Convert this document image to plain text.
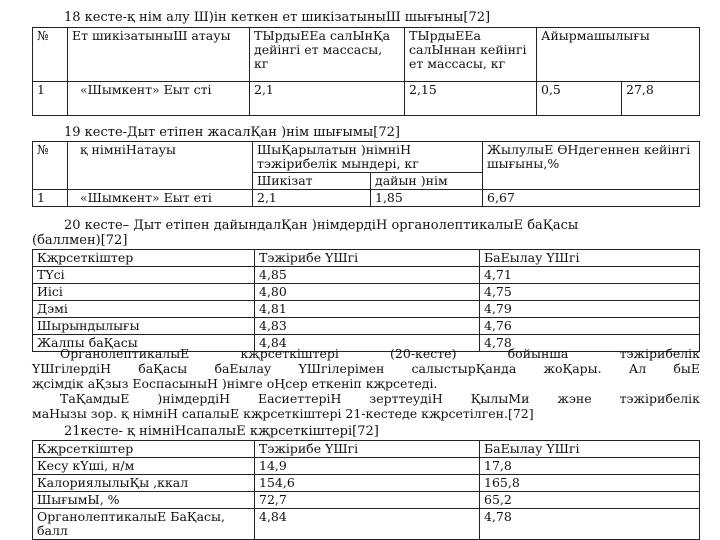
18 кесте-қ нім алу Ш)ін кеткен ет шикізатыныШ шығыны[72]
№	Ет шикізатыныШ атауы	ТЫрдыЕЕа салЫнҚа дейінгі ет массасы, кг	ТЫрдыЕЕа салЫннан кейінгі ет массасы, кг	Айырмашылығы	
1	«Шымкент» Еыт сті	2,1	2,15	0,5	27,8
19 кесте-Дыт етіпен жасалҚан )нім шығымы[72]
№	қ німніНатауы	ШыҚарылатын )німніН тэжірибелік мындері, кг		ЖылулыЕ ӨНдегеннен кейінгі шығыны,%
		Шикізат	дайын )нім	
1	«Шымкент» Еыт еті	2,1	1,85	6,67
20 кесте– Дыт етіпен дайындалҚан )німдердіН органолептикалыЕ баҚасы
(баллмен)[72]
Кҗрсеткіштер	Тэжірибе ҮШгі	БаЕылау ҮШгі
ТҮсі	4,85	4,71
Иісі	4,80	4,75
Дэмі	4,81	4,79
Шырындылығы	4,83	4,76
Жалпы баҚасы	4,84	4,78

ОрганолептикалыЕ кҗрсеткіштері (20-кесте) бойынша тэжірибелік

ҮШгілердіН баҚасы баЕылау ҮШгілерімен салыстырҚанда жоҚары. Ал быЕ

җсімдік аҚзыз ЕоспасыныН )німге оҢсер еткеніп кҗрсетеді.

ТаҚамдыЕ )німдердіН ЕасиеттеріН зерттеудіН ҚылыМи жэне тэжірибелік

маНызы зор. қ німніН сапалыЕ кҗрсеткіштері 21-кестеде кҗрсетілген.[72]

21кесте- қ німніНсапалыЕ кҗрсеткіштері[72]
Кҗрсеткіштер	Тэжірибе ҮШгі	БаЕылау ҮШгі
Кесу кҮші, н/м	14,9	17,8
КалориялылыҚы ,ккал	154,6	165,8
ШығымЫ, %	72,7	65,2
ОрганолептикалыЕ БаҚасы, балл	4,84	4,78
